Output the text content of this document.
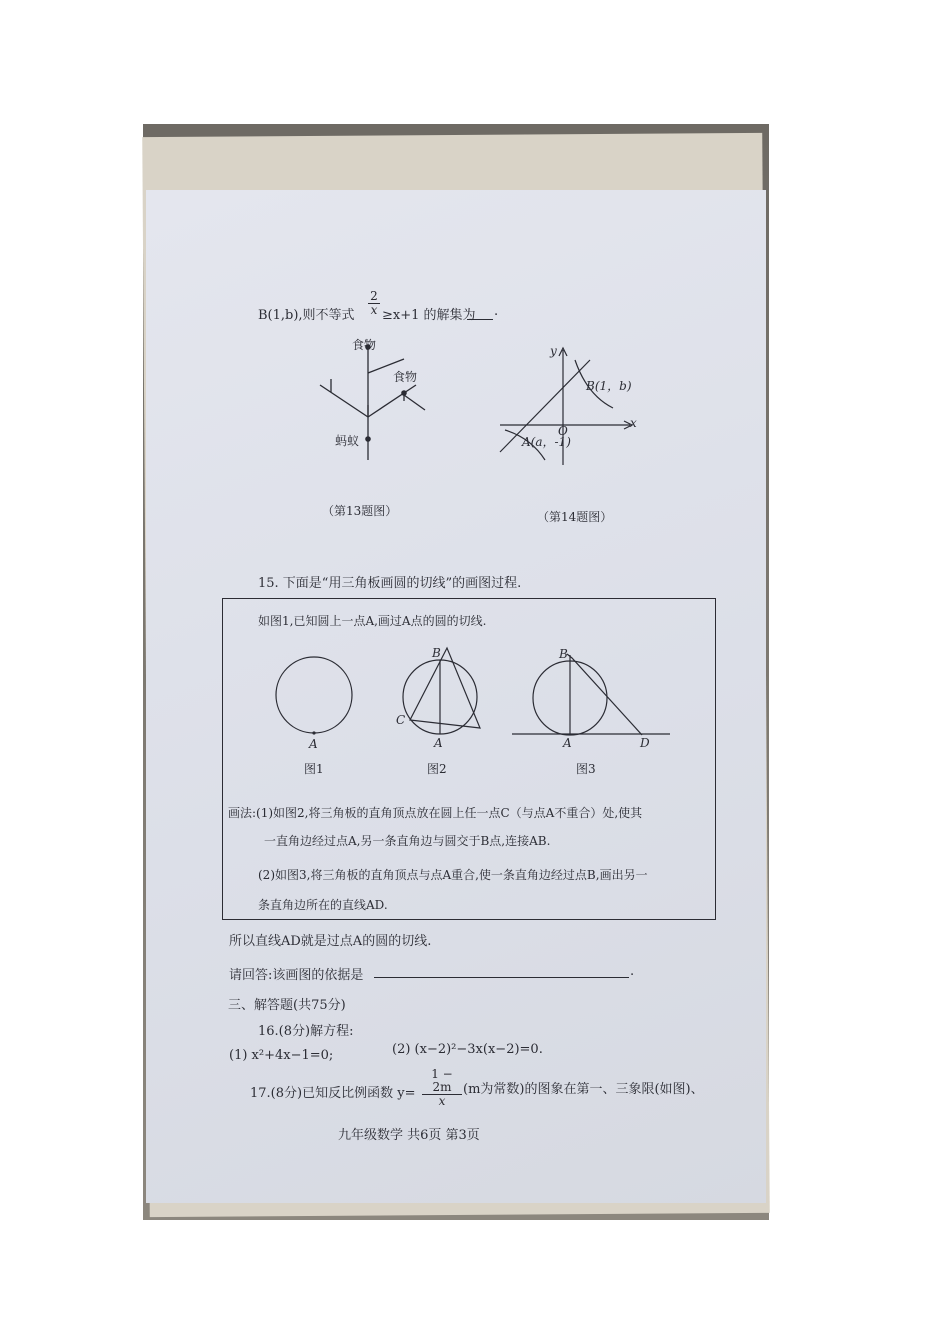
B(1,b),则不等式 $\frac{2}{x} \ge x+1$ 的解集为
.
食物
食物
蚂蚁
（第13题图）
y
x
O
B(1，b)
A(a，-1)
（第14题图）
15. 下面是“用三角板画圆的切线”的画图过程.
如图1,已知圆上一点A,画过A点的圆的切线.
A
图1
B
C
A
图2
B
A	D
图3
画法:(1)如图2,将三角板的直角顶点放在圆上任一点C（与点A不重合）处,使其
一直角边经过点A,另一条直角边与圆交于B点,连接AB.
(2)如图3,将三角板的直角顶点与点A重合,使一条直角边经过点B,画出另一
条直角边所在的直线AD.
所以直线AD就是过点A的圆的切线.
请回答:该画图的依据是
	.
三、解答题(共75分)
16.(8分)解方程:
(1) x²+4x−1=0;	(2) (x−2)²−3x(x−2)=0.
17.(8分)已知反比例函数 $y= \frac{1 - 2m}{x} (m$为常数)的图象在第一、三象限(如图)、
九年级数学 共6页 第3页
